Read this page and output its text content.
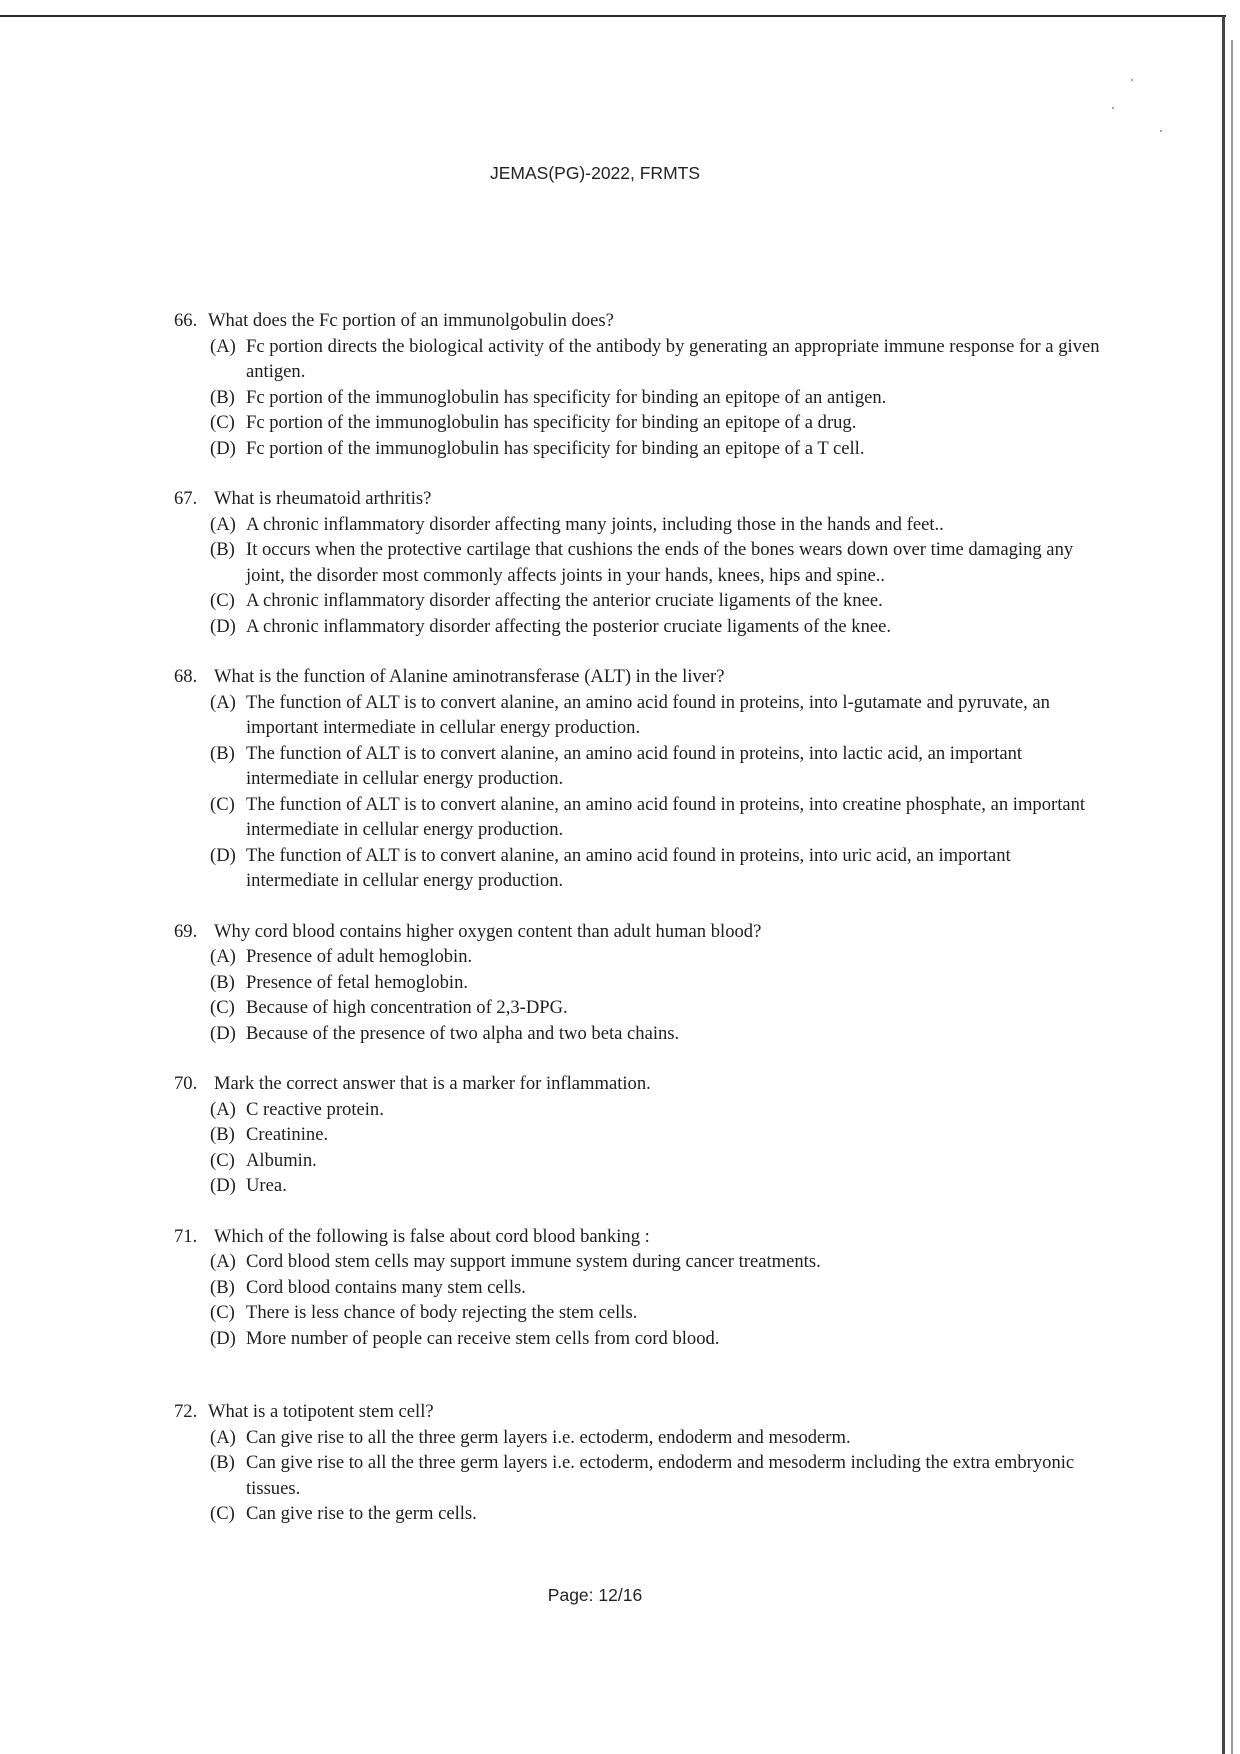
JEMAS(PG)-2022, FRMTS
66. What does the Fc portion of an immunolgobulin does?
(A) Fc portion directs the biological activity of the antibody by generating an appropriate immune response for a given antigen.
(B) Fc portion of the immunoglobulin has specificity for binding an epitope of an antigen.
(C) Fc portion of the immunoglobulin has specificity for binding an epitope of a drug.
(D) Fc portion of the immunoglobulin has specificity for binding an epitope of a T cell.
67. What is rheumatoid arthritis?
(A) A chronic inflammatory disorder affecting many joints, including those in the hands and feet..
(B) It occurs when the protective cartilage that cushions the ends of the bones wears down over time damaging any joint, the disorder most commonly affects joints in your hands, knees, hips and spine..
(C) A chronic inflammatory disorder affecting the anterior cruciate ligaments of the knee.
(D) A chronic inflammatory disorder affecting the posterior cruciate ligaments of the knee.
68. What is the function of Alanine aminotransferase (ALT) in the liver?
(A) The function of ALT is to convert alanine, an amino acid found in proteins, into l-gutamate and pyruvate, an important intermediate in cellular energy production.
(B) The function of ALT is to convert alanine, an amino acid found in proteins, into lactic acid, an important intermediate in cellular energy production.
(C) The function of ALT is to convert alanine, an amino acid found in proteins, into creatine phosphate, an important intermediate in cellular energy production.
(D) The function of ALT is to convert alanine, an amino acid found in proteins, into uric acid, an important intermediate in cellular energy production.
69. Why cord blood contains higher oxygen content than adult human blood?
(A) Presence of adult hemoglobin.
(B) Presence of fetal hemoglobin.
(C) Because of high concentration of 2,3-DPG.
(D) Because of the presence of two alpha and two beta chains.
70. Mark the correct answer that is a marker for inflammation.
(A) C reactive protein.
(B) Creatinine.
(C) Albumin.
(D) Urea.
71. Which of the following is false about cord blood banking :
(A) Cord blood stem cells may support immune system during cancer treatments.
(B) Cord blood contains many stem cells.
(C) There is less chance of body rejecting the stem cells.
(D) More number of people can receive stem cells from cord blood.
72. What is a totipotent stem cell?
(A) Can give rise to all the three germ layers i.e. ectoderm, endoderm and mesoderm.
(B) Can give rise to all the three germ layers i.e. ectoderm, endoderm and mesoderm including the extra embryonic tissues.
(C) Can give rise to the germ cells.
Page: 12/16
